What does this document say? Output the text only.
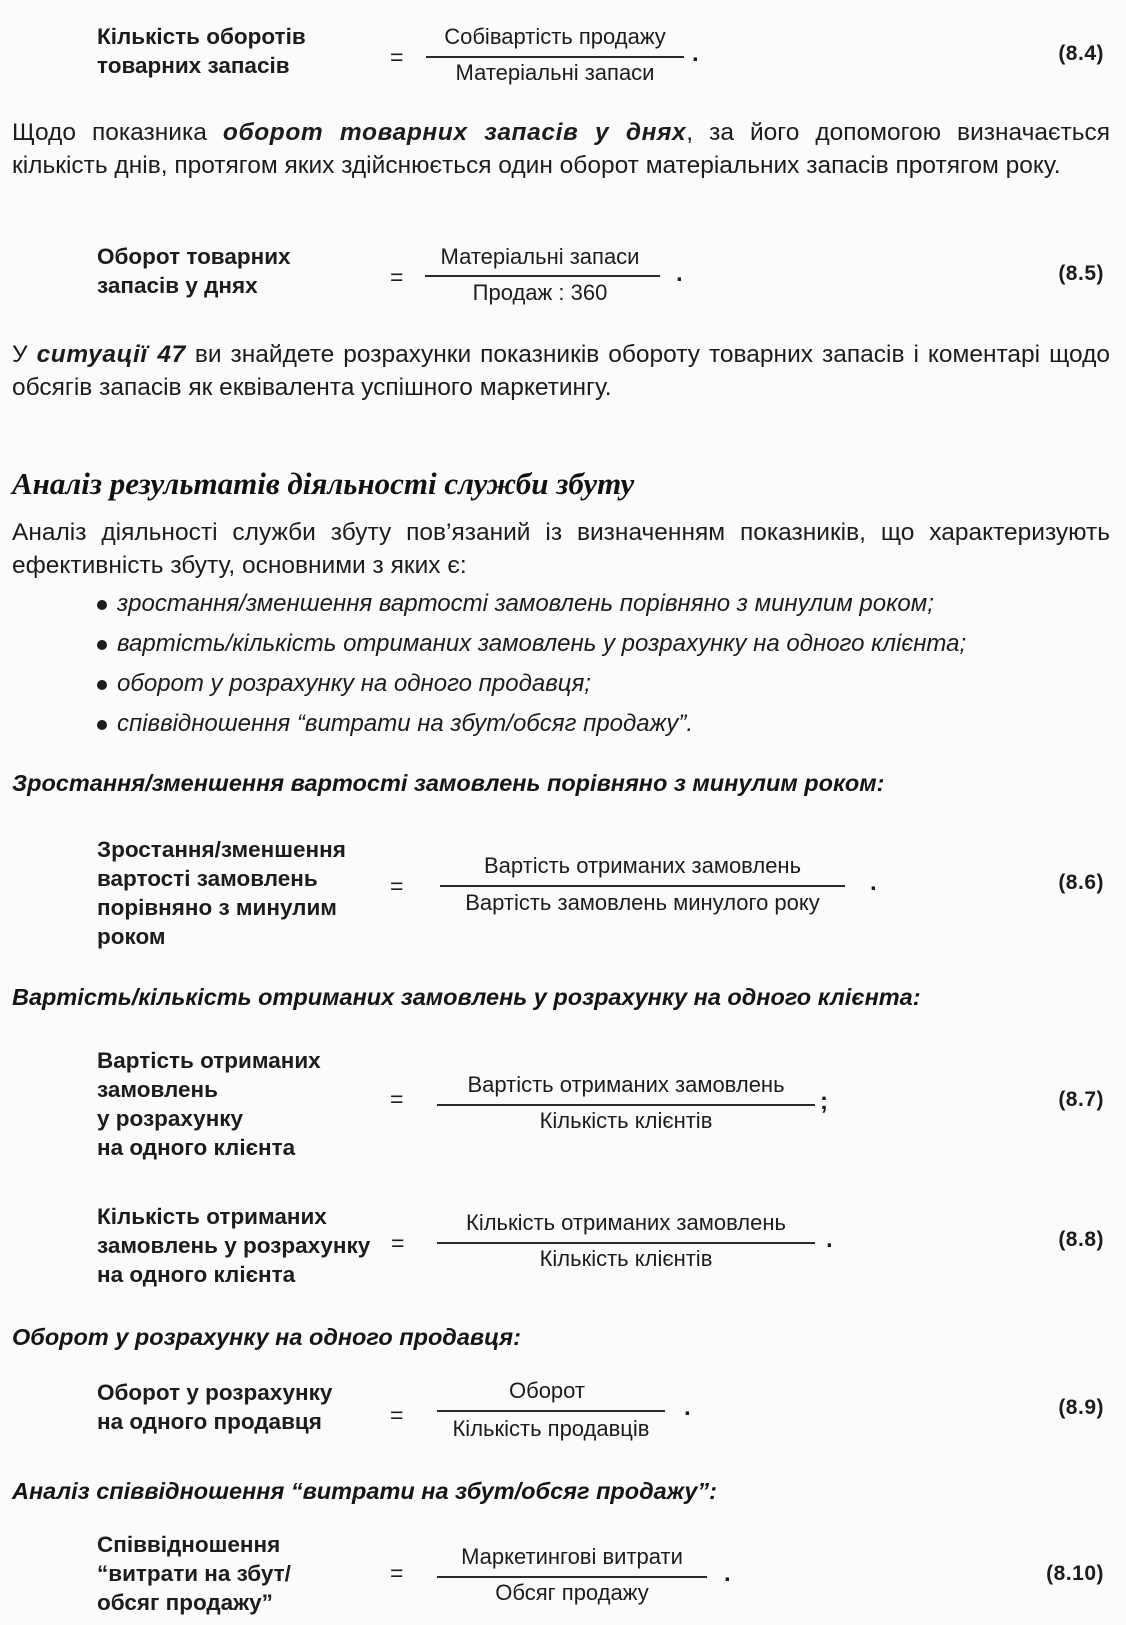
Кількість оборотів
товарних запасів	=
Собівартість продажу
Матеріальні запаси
.	(8.4)

Щодо показника оборот товарних запасів у днях, за його допомогою визначається кількість днів, протягом яких здійснюється один оборот матеріальних запасів протягом року.

Оборот товарних
запасів у днях	=
Матеріальні запаси
Продаж : 360
.	(8.5)

У ситуації 47 ви знайдете розрахунки показників обороту товарних запасів і коментарі щодо обсягів запасів як еквівалента успішного маркетингу.

Аналіз результатів діяльності служби збуту

Аналіз діяльності служби збуту пов’язаний із визначенням показників, що характеризують ефективність збуту, основними з яких є:

зростання/зменшення вартості замовлень порівняно з минулим роком;
вартість/кількість отриманих замовлень у розрахунку на одного клієнта;
оборот у розрахунку на одного продавця;
співвідношення “витрати на збут/обсяг продажу”.
Зростання/зменшення вартості замовлень порівняно з минулим роком:
Зростання/зменшення
вартості замовлень
порівняно з минулим
роком
=
Вартість отриманих замовлень
Вартість замовлень минулого року
.	(8.6)
Вартість/кількість отриманих замовлень у розрахунку на одного клієнта:
Вартість отриманих
замовлень
у розрахунку
на одного клієнта
=
Вартість отриманих замовлень
Кількість клієнтів
;	(8.7)
Кількість отриманих
замовлень у розрахунку
на одного клієнта
=
Кількість отриманих замовлень
Кількість клієнтів
.	(8.8)
Оборот у розрахунку на одного продавця:
Оборот у розрахунку
на одного продавця	=
Оборот
Кількість продавців
.	(8.9)
Аналіз співвідношення “витрати на збут/обсяг продажу”:
Співвідношення
“витрати на збут/
обсяг продажу”
=
Маркетингові витрати
Обсяг продажу
.	(8.10)
